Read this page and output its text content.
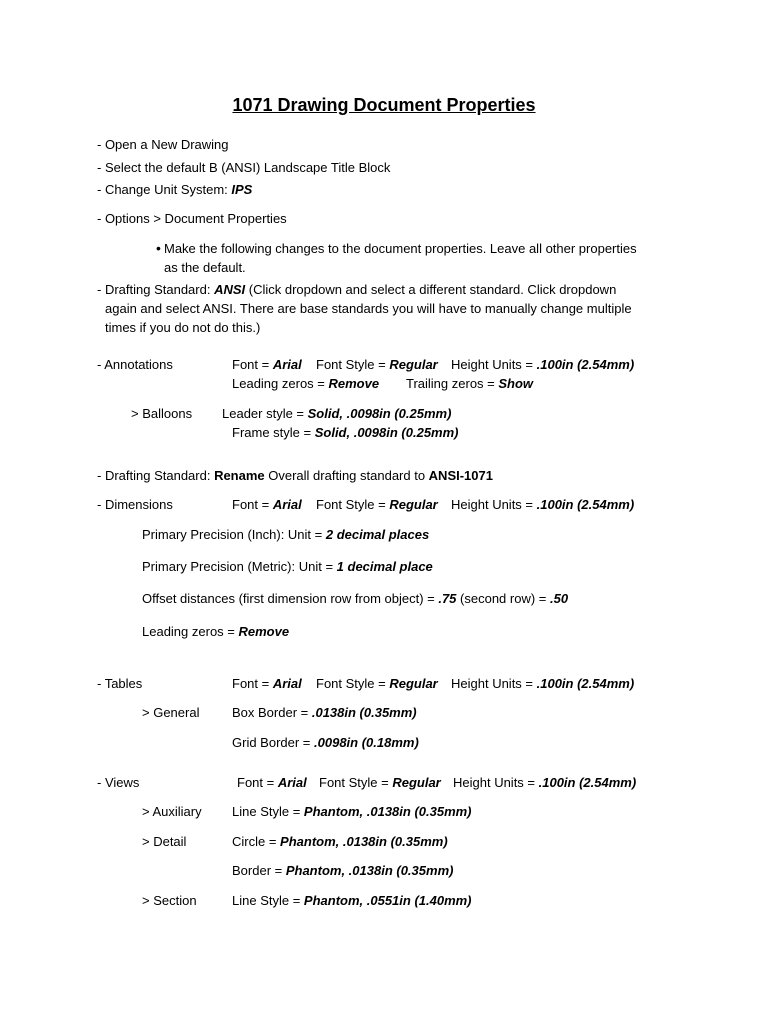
1071 Drawing Document Properties
- Open a New Drawing
- Select the default B (ANSI) Landscape Title Block
- Change Unit System: IPS
- Options > Document Properties
• Make the following changes to the document properties. Leave all other properties
as the default.
- Drafting Standard: ANSI (Click dropdown and select a different standard. Click dropdown
again and select ANSI. There are base standards you will have to manually change multiple
times if you do not do this.)
- Annotations	Font = Arial Font Style = Regular Height Units = .100in (2.54mm)
Leading zeros = Remove Trailing zeros = Show
> Balloons Leader style = Solid, .0098in (0.25mm)
Frame style = Solid, .0098in (0.25mm)
- Drafting Standard: Rename Overall drafting standard to ANSI-1071
- Dimensions	Font = Arial Font Style = Regular Height Units = .100in (2.54mm)
Primary Precision (Inch): Unit = 2 decimal places
Primary Precision (Metric): Unit = 1 decimal place
Offset distances (first dimension row from object) = .75 (second row) = .50
Leading zeros = Remove
- Tables	Font = Arial Font Style = Regular Height Units = .100in (2.54mm)
> General	Box Border = .0138in (0.35mm)
Grid Border = .0098in (0.18mm)
- Views	Font = Arial Font Style = Regular Height Units = .100in (2.54mm)
> Auxiliary Line Style = Phantom, .0138in (0.35mm)
> Detail	Circle = Phantom, .0138in (0.35mm)
Border = Phantom, .0138in (0.35mm)
> Section	Line Style = Phantom, .0551in (1.40mm)
